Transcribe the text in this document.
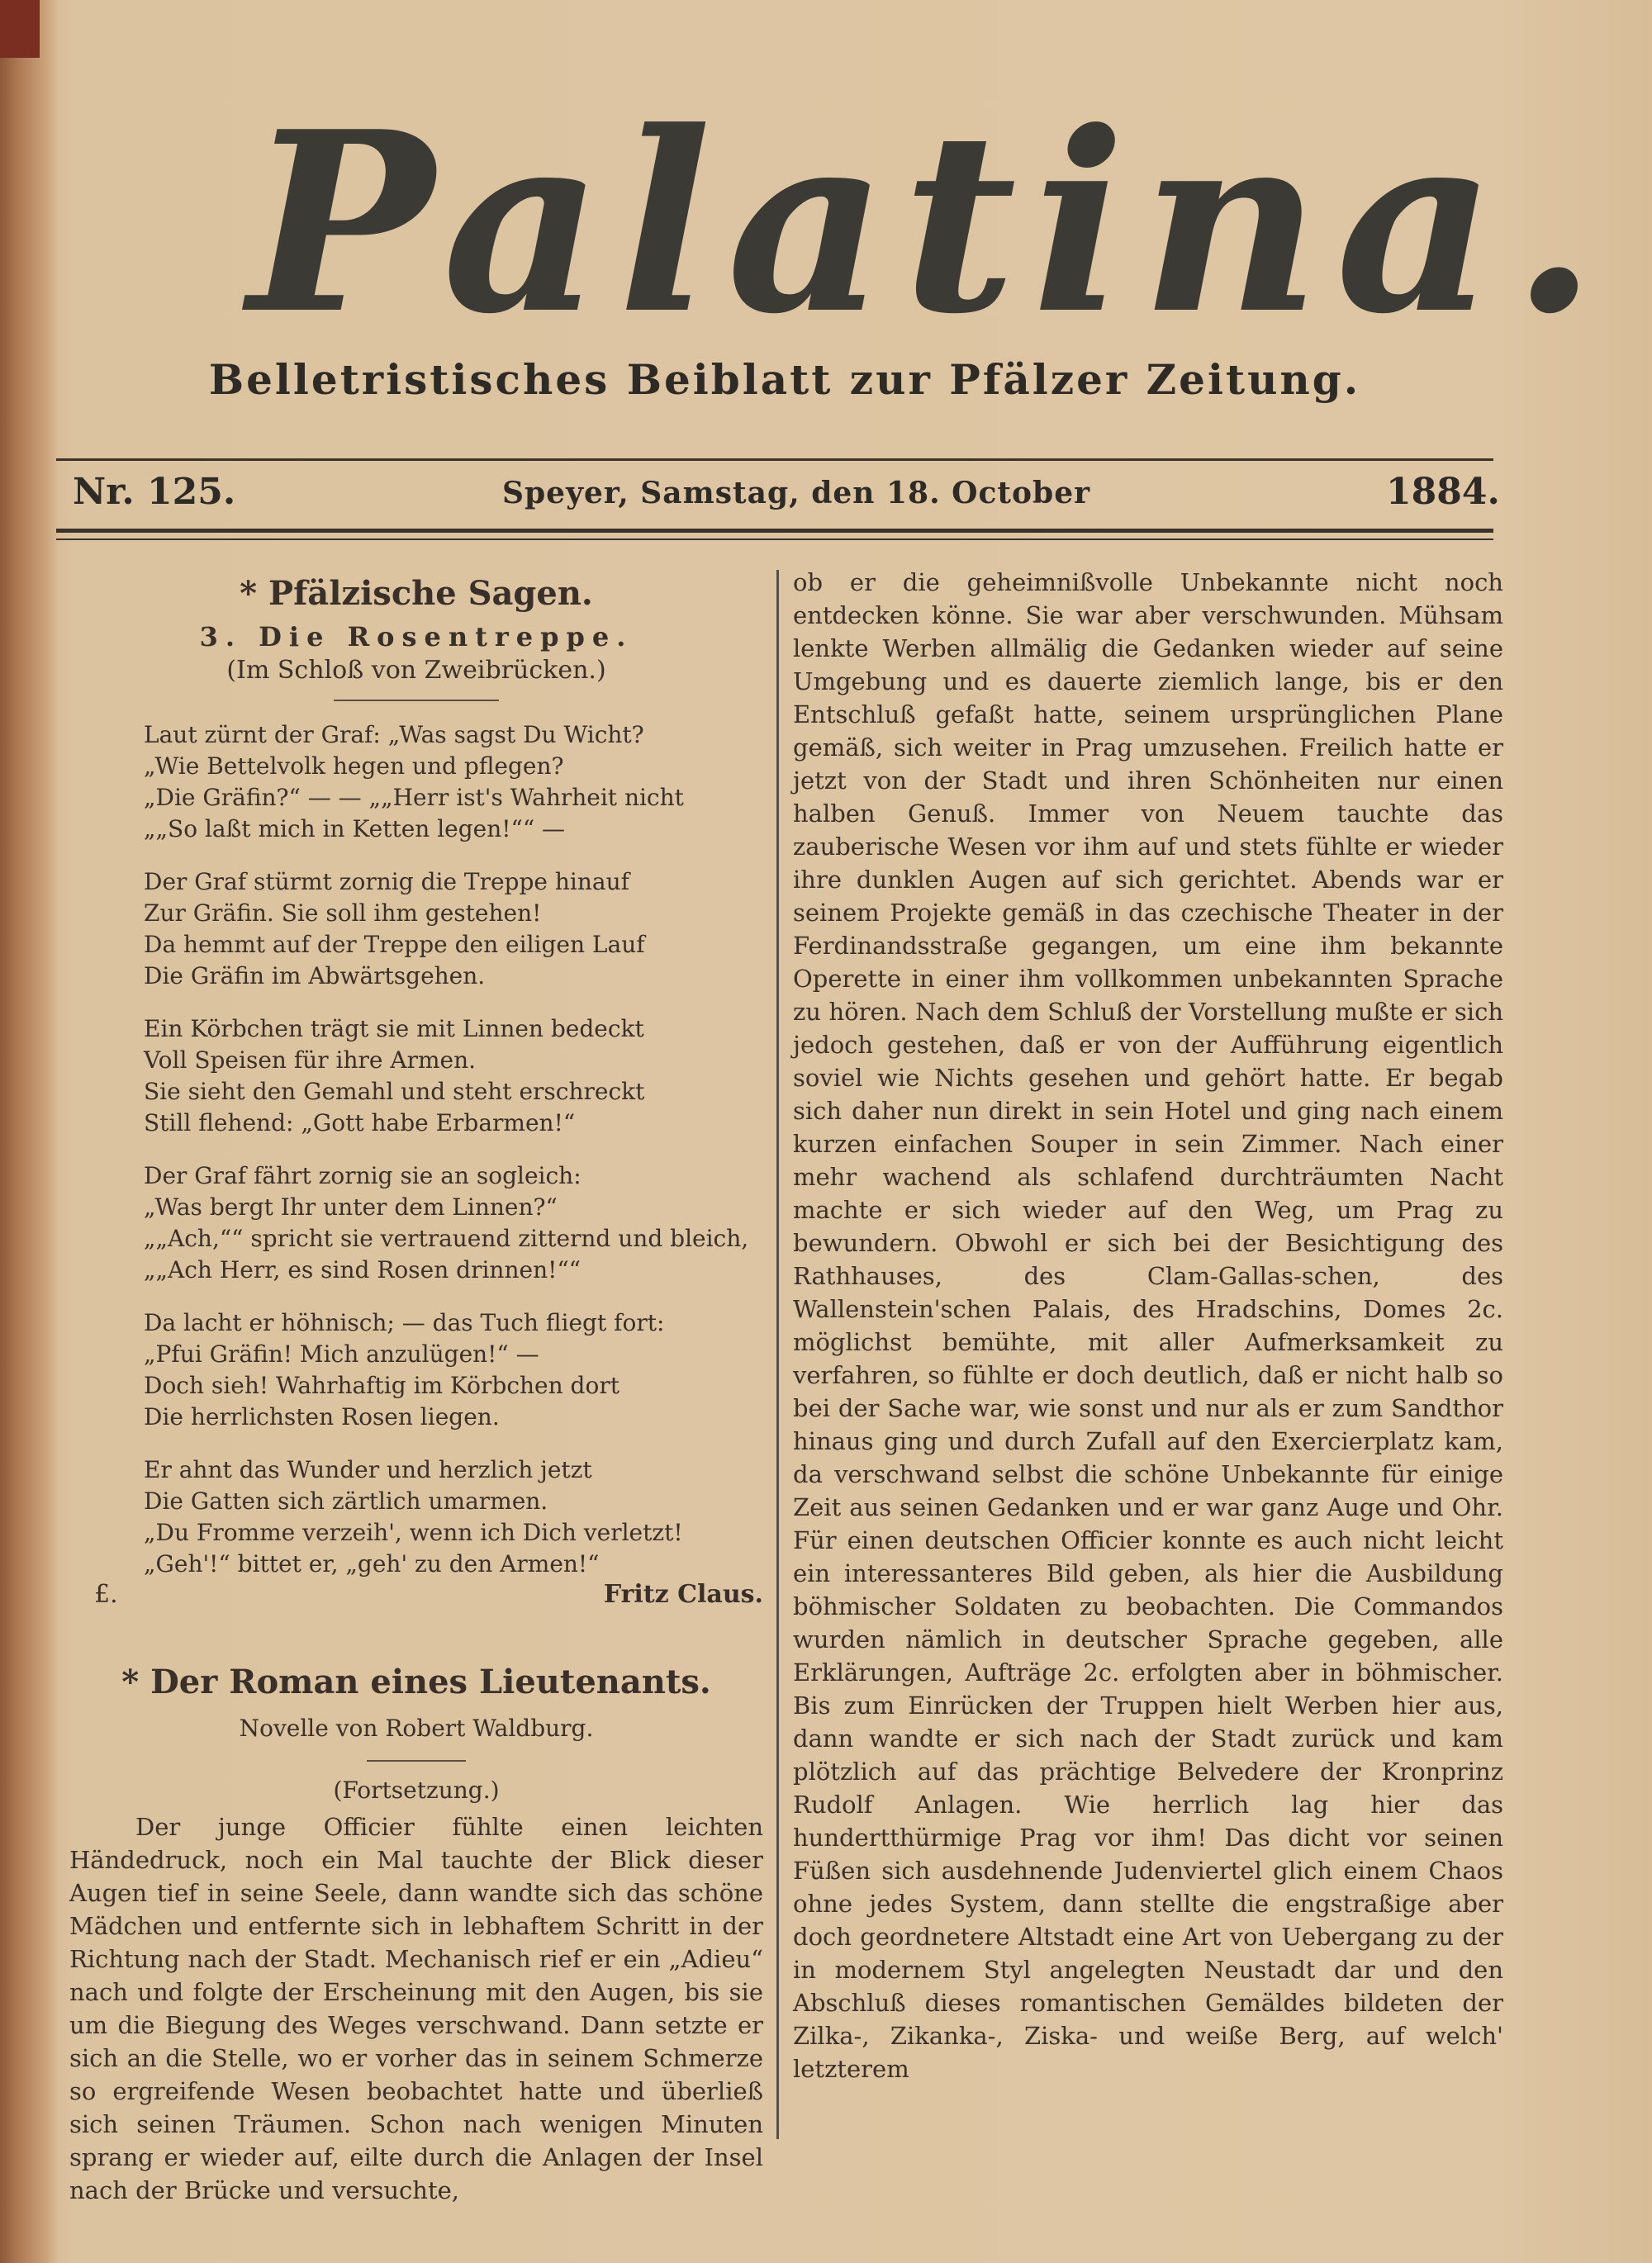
Palatina.
Belletristisches Beiblatt zur Pfälzer Zeitung.
Nr. 125.	Speyer, Samstag, den 18. October	1884.
* Pfälzische Sagen.
3. Die Rosentreppe.
(Im Schloß von Zweibrücken.)
Laut zürnt der Graf: „Was sagst Du Wicht?
„Wie Bettelvolk hegen und pflegen?
„Die Gräfin?“ — — „„Herr ist's Wahrheit nicht
„„So laßt mich in Ketten legen!““ —
Der Graf stürmt zornig die Treppe hinauf
Zur Gräfin. Sie soll ihm gestehen!
Da hemmt auf der Treppe den eiligen Lauf
Die Gräfin im Abwärtsgehen.
Ein Körbchen trägt sie mit Linnen bedeckt
Voll Speisen für ihre Armen.
Sie sieht den Gemahl und steht erschreckt
Still flehend: „Gott habe Erbarmen!“
Der Graf fährt zornig sie an sogleich:
„Was bergt Ihr unter dem Linnen?“
„„Ach,““ spricht sie vertrauend zitternd und bleich,
„„Ach Herr, es sind Rosen drinnen!““
Da lacht er höhnisch; — das Tuch fliegt fort:
„Pfui Gräfin! Mich anzulügen!“ —
Doch sieh! Wahrhaftig im Körbchen dort
Die herrlichsten Rosen liegen.
Er ahnt das Wunder und herzlich jetzt
Die Gatten sich zärtlich umarmen.
„Du Fromme verzeih', wenn ich Dich verletzt!
„Geh'!“ bittet er, „geh' zu den Armen!“
£.	Fritz Claus.
* Der Roman eines Lieutenants.
Novelle von Robert Waldburg.
(Fortsetzung.)

Der junge Officier fühlte einen leichten Händedruck, noch ein Mal tauchte der Blick dieser Augen tief in seine Seele, dann wandte sich das schöne Mädchen und entfernte sich in lebhaftem Schritt in der Richtung nach der Stadt. Mechanisch rief er ein „Adieu“ nach und folgte der Erscheinung mit den Augen, bis sie um die Biegung des Weges verschwand. Dann setzte er sich an die Stelle, wo er vorher das in seinem Schmerze so ergreifende Wesen beobachtet hatte und überließ sich seinen Träumen. Schon nach wenigen Minuten sprang er wieder auf, eilte durch die Anlagen der Insel nach der Brücke und versuchte,

ob er die geheimnißvolle Unbekannte nicht noch entdecken könne. Sie war aber verschwunden. Mühsam lenkte Werben allmälig die Gedanken wieder auf seine Umgebung und es dauerte ziemlich lange, bis er den Entschluß gefaßt hatte, seinem ursprünglichen Plane gemäß, sich weiter in Prag umzusehen. Freilich hatte er jetzt von der Stadt und ihren Schönheiten nur einen halben Genuß. Immer von Neuem tauchte das zauberische Wesen vor ihm auf und stets fühlte er wieder ihre dunklen Augen auf sich gerichtet. Abends war er seinem Projekte gemäß in das czechische Theater in der Ferdinandsstraße gegangen, um eine ihm bekannte Operette in einer ihm vollkommen unbekannten Sprache zu hören. Nach dem Schluß der Vorstellung mußte er sich jedoch gestehen, daß er von der Aufführung eigentlich soviel wie Nichts gesehen und gehört hatte. Er begab sich daher nun direkt in sein Hotel und ging nach einem kurzen einfachen Souper in sein Zimmer. Nach einer mehr wachend als schlafend durchträumten Nacht machte er sich wieder auf den Weg, um Prag zu bewundern. Obwohl er sich bei der Besichtigung des Rathhauses, des Clam-Gallas-schen, des Wallenstein'schen Palais, des Hradschins, Domes 2c. möglichst bemühte, mit aller Aufmerksamkeit zu verfahren, so fühlte er doch deutlich, daß er nicht halb so bei der Sache war, wie sonst und nur als er zum Sandthor hinaus ging und durch Zufall auf den Exercierplatz kam, da verschwand selbst die schöne Unbekannte für einige Zeit aus seinen Gedanken und er war ganz Auge und Ohr. Für einen deutschen Officier konnte es auch nicht leicht ein interessanteres Bild geben, als hier die Ausbildung böhmischer Soldaten zu beobachten. Die Commandos wurden nämlich in deutscher Sprache gegeben, alle Erklärungen, Aufträge 2c. erfolgten aber in böhmischer. Bis zum Einrücken der Truppen hielt Werben hier aus, dann wandte er sich nach der Stadt zurück und kam plötzlich auf das prächtige Belvedere der Kronprinz Rudolf Anlagen. Wie herrlich lag hier das hundertthürmige Prag vor ihm! Das dicht vor seinen Füßen sich ausdehnende Judenviertel glich einem Chaos ohne jedes System, dann stellte die engstraßige aber doch geordnetere Altstadt eine Art von Uebergang zu der in modernem Styl angelegten Neustadt dar und den Abschluß dieses romantischen Gemäldes bildeten der Zilka-, Zikanka-, Ziska- und weiße Berg, auf welch' letzterem
